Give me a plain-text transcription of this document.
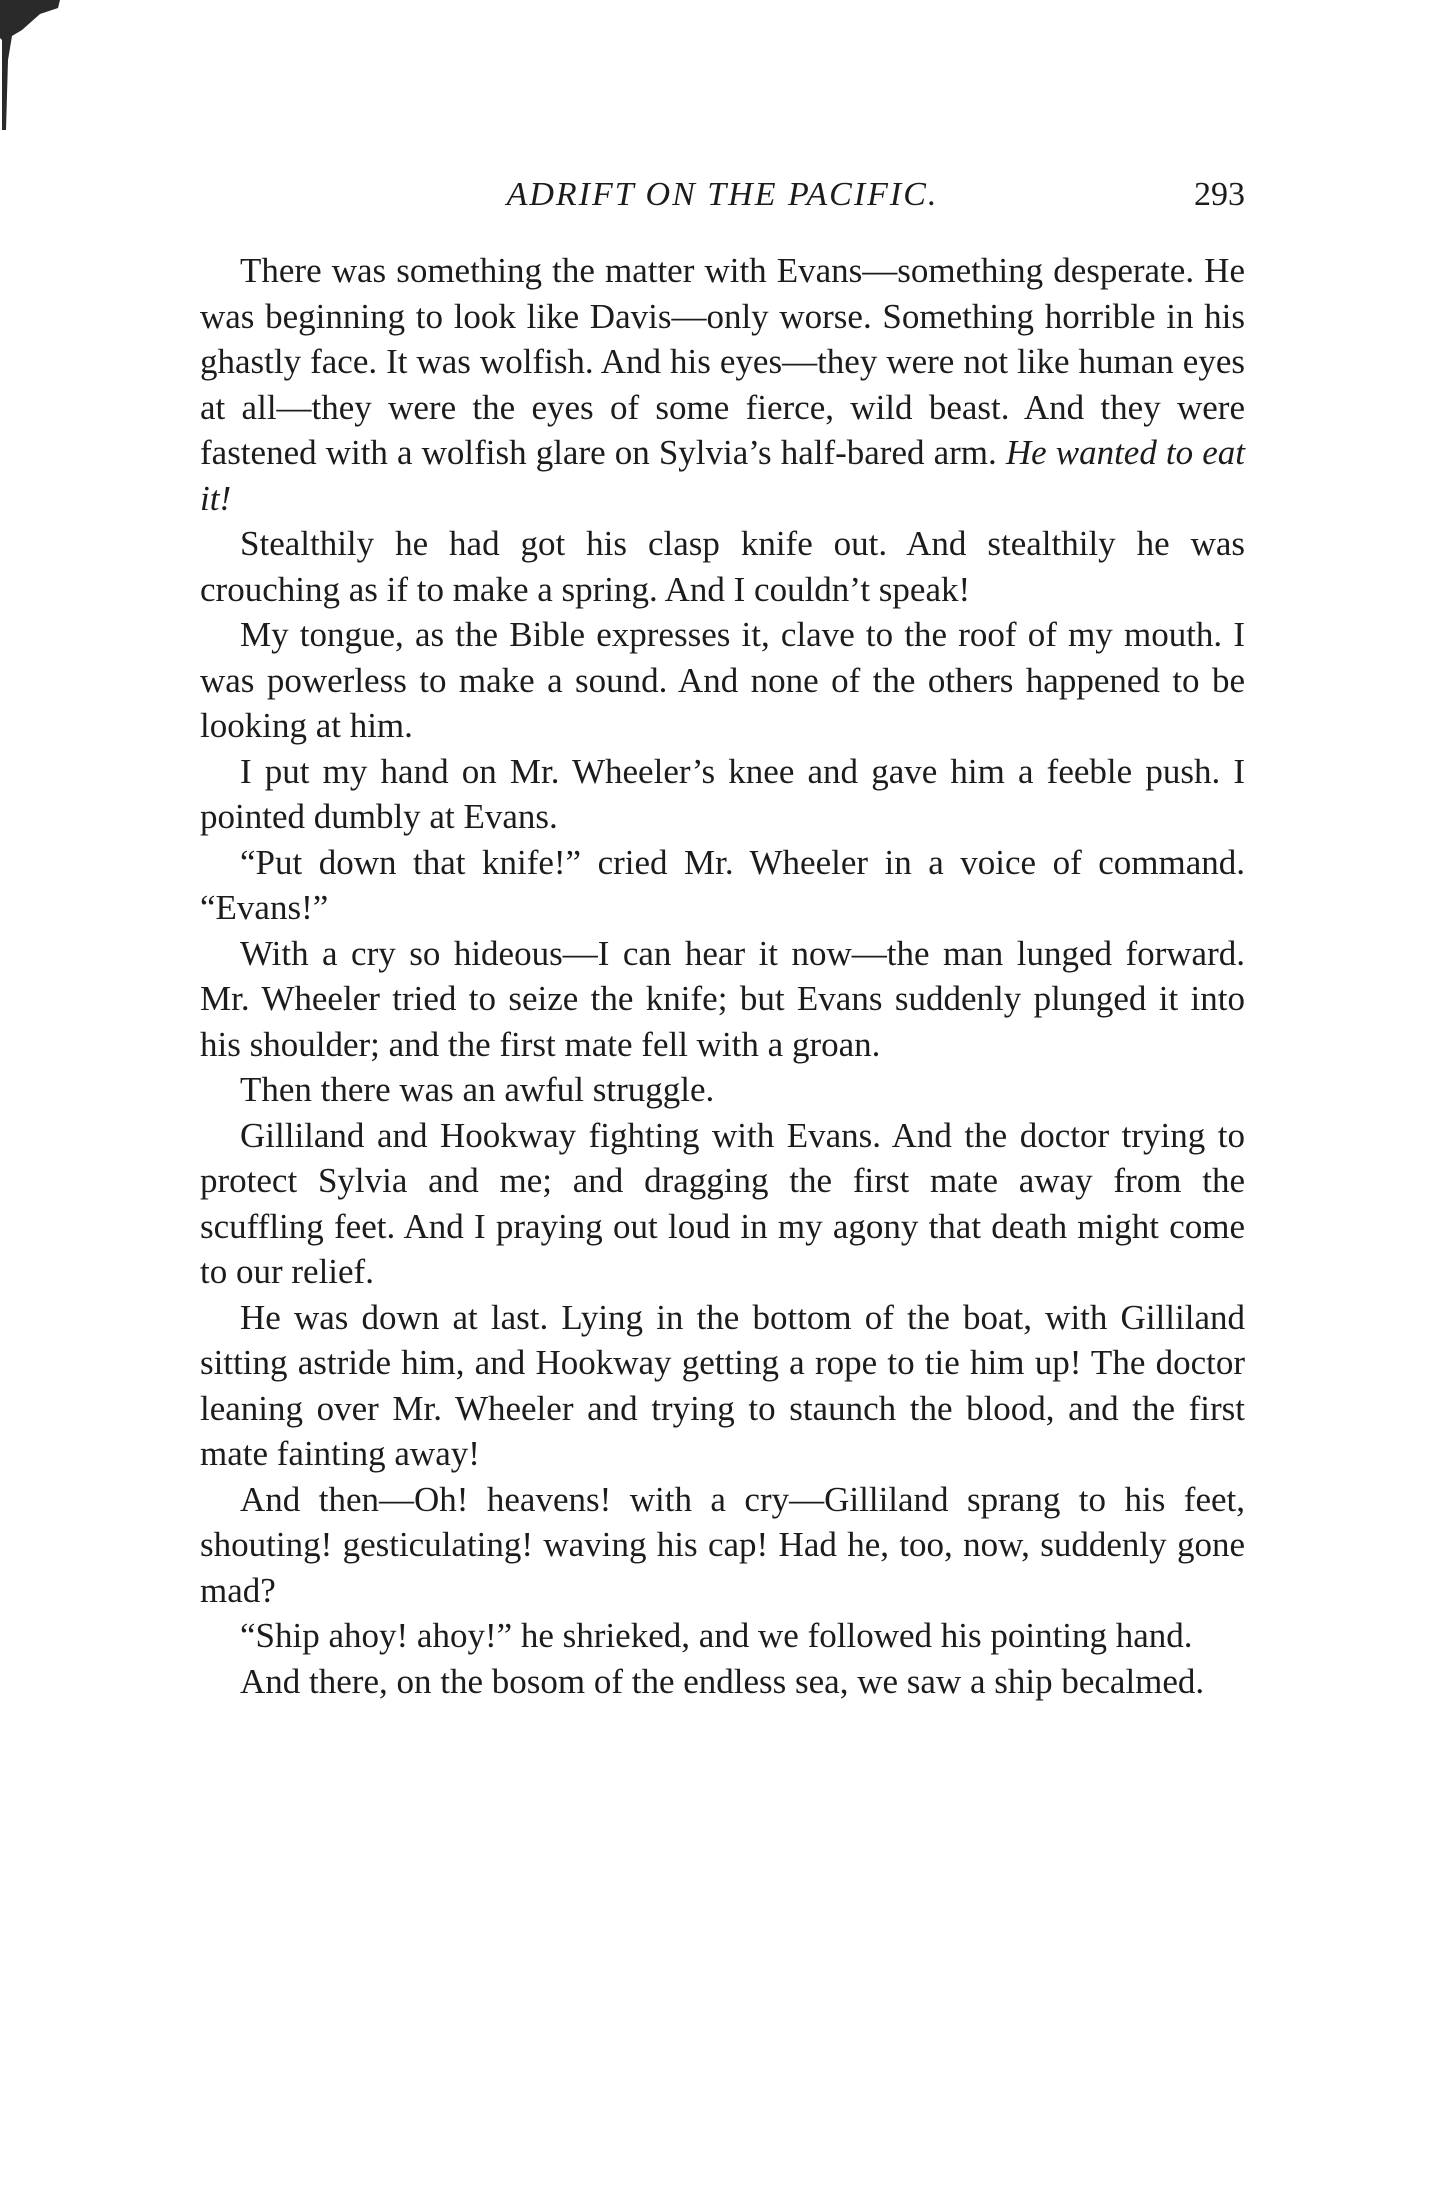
ADRIFT ON THE PACIFIC.	293

There was something the matter with Evans—something desperate. He was beginning to look like Davis—only worse. Something horrible in his ghastly face. It was wolfish. And his eyes—they were not like human eyes at all—they were the eyes of some fierce, wild beast. And they were fastened with a wolfish glare on Sylvia’s half-bared arm. He wanted to eat it!

Stealthily he had got his clasp knife out. And stealthily he was crouching as if to make a spring. And I couldn’t speak!

My tongue, as the Bible expresses it, clave to the roof of my mouth. I was powerless to make a sound. And none of the others happened to be looking at him.

I put my hand on Mr. Wheeler’s knee and gave him a feeble push. I pointed dumbly at Evans.

“Put down that knife!” cried Mr. Wheeler in a voice of command. “Evans!”

With a cry so hideous—I can hear it now—the man lunged forward. Mr. Wheeler tried to seize the knife; but Evans suddenly plunged it into his shoulder; and the first mate fell with a groan.

Then there was an awful struggle.

Gilliland and Hookway fighting with Evans. And the doctor trying to protect Sylvia and me; and dragging the first mate away from the scuffling feet. And I praying out loud in my agony that death might come to our relief.

He was down at last. Lying in the bottom of the boat, with Gilliland sitting astride him, and Hookway getting a rope to tie him up! The doctor leaning over Mr. Wheeler and trying to staunch the blood, and the first mate fainting away!

And then—Oh! heavens! with a cry—Gilliland sprang to his feet, shouting! gesticulating! waving his cap! Had he, too, now, suddenly gone mad?

“Ship ahoy! ahoy!” he shrieked, and we followed his pointing hand.

And there, on the bosom of the endless sea, we saw a ship becalmed.
